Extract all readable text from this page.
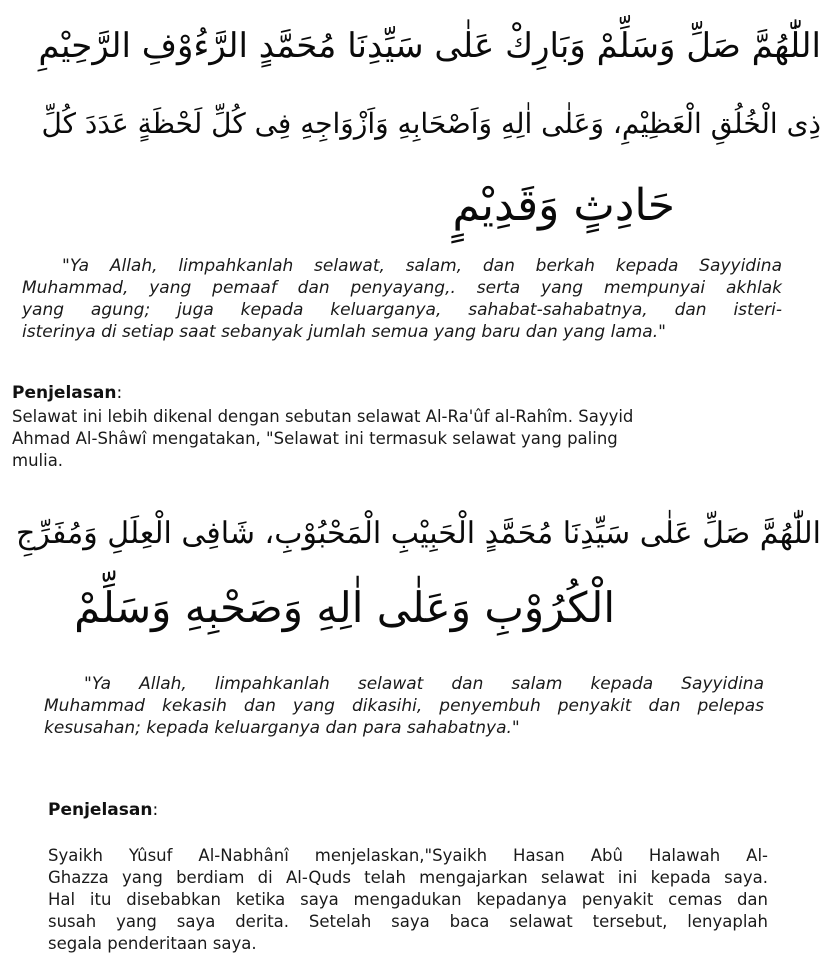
اللّٰهُمَّ صَلِّ وَسَلِّمْ وَبَارِكْ عَلٰى سَيِّدِنَا مُحَمَّدٍ الرَّءُوْفِ الرَّحِيْمِ
ذِى الْخُلُقِ الْعَظِيْمِ، وَعَلٰى اٰلِهِ وَاَصْحَابِهِ وَاَزْوَاجِهِ فِى كُلِّ لَحْظَةٍ عَدَدَ كُلِّ
حَادِثٍ وَقَدِيْمٍ
"Ya Allah, limpahkanlah selawat, salam, dan berkah kepada Sayyidina
Muhammad, yang pemaaf dan penyayang,. serta yang mempunyai akhlak
yang agung; juga kepada keluarganya, sahabat-sahabatnya, dan isteri-
isterinya di setiap saat sebanyak jumlah semua yang baru dan yang lama."
Penjelasan:
Selawat ini lebih dikenal dengan sebutan selawat Al-Ra'ûf al-Rahîm. Sayyid
Ahmad Al-Shâwî mengatakan, "Selawat ini termasuk selawat yang paling
mulia.
اللّٰهُمَّ صَلِّ عَلٰى سَيِّدِنَا مُحَمَّدٍ الْحَبِيْبِ الْمَحْبُوْبِ، شَافِى الْعِلَلِ وَمُفَرِّجِ
الْكُرُوْبِ وَعَلٰى اٰلِهِ وَصَحْبِهِ وَسَلِّمْ
"Ya Allah, limpahkanlah selawat dan salam kepada Sayyidina
Muhammad kekasih dan yang dikasihi, penyembuh penyakit dan pelepas
kesusahan; kepada keluarganya dan para sahabatnya."
Penjelasan:
Syaikh Yûsuf Al-Nabhânî menjelaskan,"Syaikh Hasan Abû Halawah Al-
Ghazza yang berdiam di Al-Quds telah mengajarkan selawat ini kepada saya.
Hal itu disebabkan ketika saya mengadukan kepadanya penyakit cemas dan
susah yang saya derita. Setelah saya baca selawat tersebut, lenyaplah
segala penderitaan saya.
